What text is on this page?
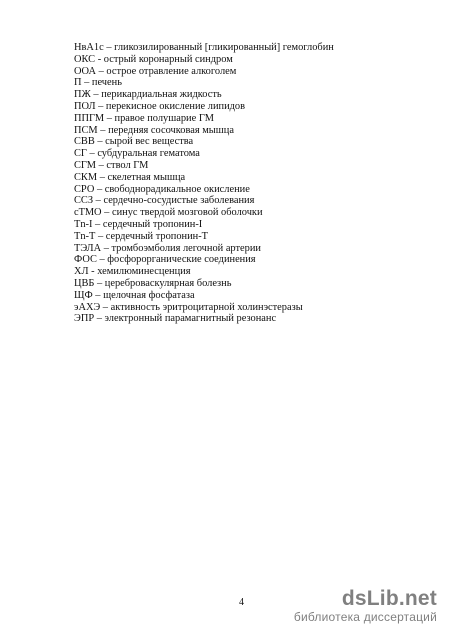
HвA1c – гликозилированный [гликированный] гемоглобин
ОКС - острый коронарный синдром
ООА – острое отравление алкоголем
П – печень
ПЖ – перикардиальная жидкость
ПОЛ – перекисное окисление липидов
ППГМ – правое полушарие ГМ
ПСМ – передняя сосочковая мышца
СВВ – сырой вес вещества
СГ – субдуральная гематома
СГМ – ствол ГМ
СКМ – скелетная мышца
СРО – свободнорадикальное окисление
ССЗ – сердечно-сосудистые заболевания
сТМО – синус твердой мозговой оболочки
Тn-I – сердечный тропонин-I
Тn-Т – сердечный тропонин-Т
ТЭЛА – тромбоэмболия легочной артерии
ФОС – фосфорорганические соединения
ХЛ - хемилюминесценция
ЦВБ – цереброваскулярная болезнь
ЩФ – щелочная фосфатаза
эАХЭ – активность эритроцитарной холинэстеразы
ЭПР – электронный парамагнитный резонанс
4	dsLib.net
библиотека диссертаций
